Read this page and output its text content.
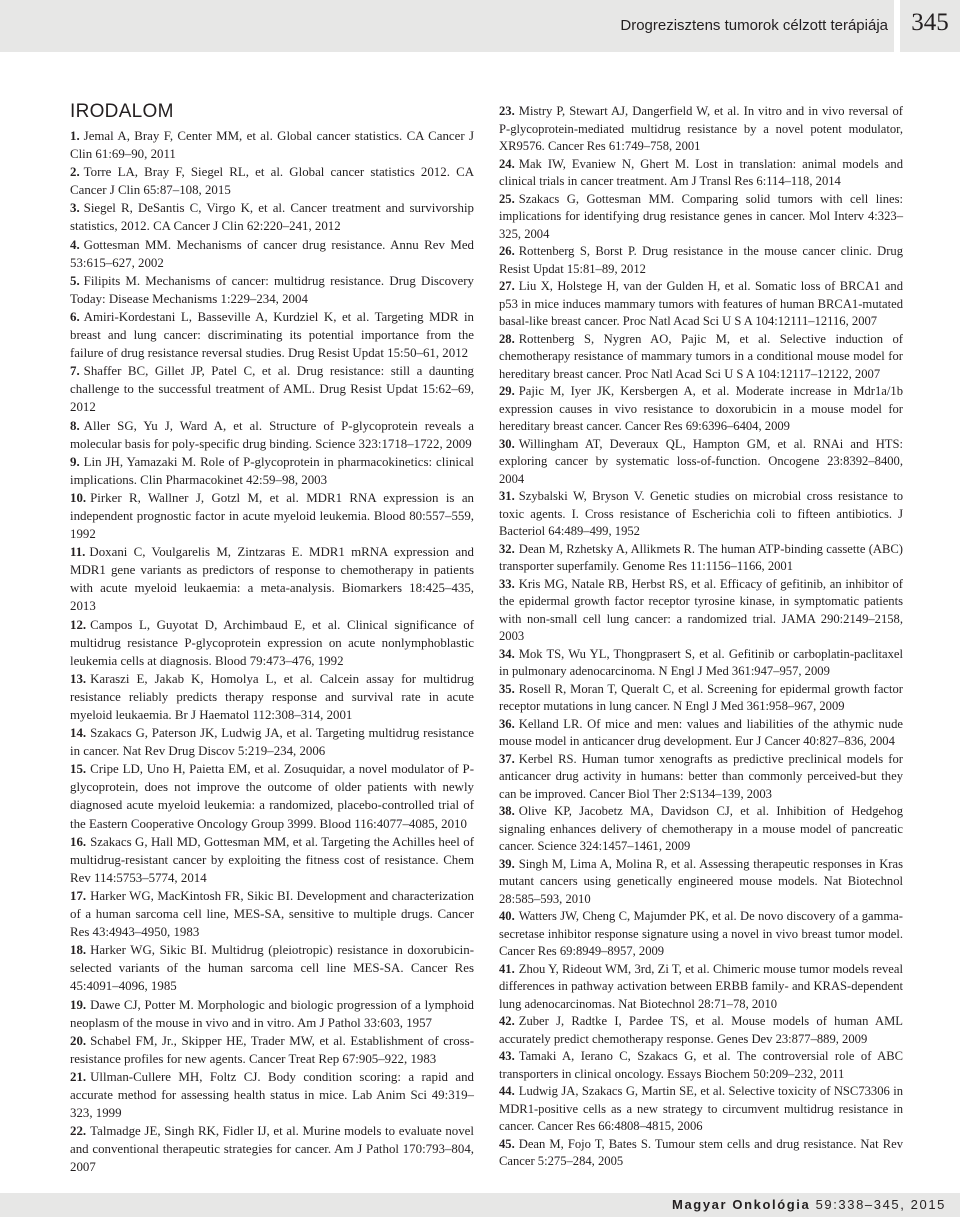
Drogrezisztens tumorok célzott terápiája 345
IRODALOM

1. Jemal A, Bray F, Center MM, et al. Global cancer statistics. CA Cancer J Clin 61:69–90, 2011

2. Torre LA, Bray F, Siegel RL, et al. Global cancer statistics 2012. CA Cancer J Clin 65:87–108, 2015

3. Siegel R, DeSantis C, Virgo K, et al. Cancer treatment and survivorship statistics, 2012. CA Cancer J Clin 62:220–241, 2012

4. Gottesman MM. Mechanisms of cancer drug resistance. Annu Rev Med 53:615–627, 2002

5. Filipits M. Mechanisms of cancer: multidrug resistance. Drug Discovery Today: Disease Mechanisms 1:229–234, 2004

6. Amiri-Kordestani L, Basseville A, Kurdziel K, et al. Targeting MDR in breast and lung cancer: discriminating its potential importance from the failure of drug resistance reversal studies. Drug Resist Updat 15:50–61, 2012

7. Shaffer BC, Gillet JP, Patel C, et al. Drug resistance: still a daunting challenge to the successful treatment of AML. Drug Resist Updat 15:62–69, 2012

8. Aller SG, Yu J, Ward A, et al. Structure of P-glycoprotein reveals a molecular basis for poly-specific drug binding. Science 323:1718–1722, 2009

9. Lin JH, Yamazaki M. Role of P-glycoprotein in pharmacokinetics: clinical implications. Clin Pharmacokinet 42:59–98, 2003

10. Pirker R, Wallner J, Gotzl M, et al. MDR1 RNA expression is an independent prognostic factor in acute myeloid leukemia. Blood 80:557–559, 1992

11. Doxani C, Voulgarelis M, Zintzaras E. MDR1 mRNA expression and MDR1 gene variants as predictors of response to chemotherapy in patients with acute myeloid leukaemia: a meta-analysis. Biomarkers 18:425–435, 2013

12. Campos L, Guyotat D, Archimbaud E, et al. Clinical significance of multidrug resistance P-glycoprotein expression on acute nonlymphoblastic leukemia cells at diagnosis. Blood 79:473–476, 1992

13. Karaszi E, Jakab K, Homolya L, et al. Calcein assay for multidrug resistance reliably predicts therapy response and survival rate in acute myeloid leukaemia. Br J Haematol 112:308–314, 2001

14. Szakacs G, Paterson JK, Ludwig JA, et al. Targeting multidrug resistance in cancer. Nat Rev Drug Discov 5:219–234, 2006

15. Cripe LD, Uno H, Paietta EM, et al. Zosuquidar, a novel modulator of P-glycoprotein, does not improve the outcome of older patients with newly diagnosed acute myeloid leukemia: a randomized, placebo-controlled trial of the Eastern Cooperative Oncology Group 3999. Blood 116:4077–4085, 2010

16. Szakacs G, Hall MD, Gottesman MM, et al. Targeting the Achilles heel of multidrug-resistant cancer by exploiting the fitness cost of resistance. Chem Rev 114:5753–5774, 2014

17. Harker WG, MacKintosh FR, Sikic BI. Development and characterization of a human sarcoma cell line, MES-SA, sensitive to multiple drugs. Cancer Res 43:4943–4950, 1983

18. Harker WG, Sikic BI. Multidrug (pleiotropic) resistance in doxorubicin-selected variants of the human sarcoma cell line MES-SA. Cancer Res 45:4091–4096, 1985

19. Dawe CJ, Potter M. Morphologic and biologic progression of a lymphoid neoplasm of the mouse in vivo and in vitro. Am J Pathol 33:603, 1957

20. Schabel FM, Jr., Skipper HE, Trader MW, et al. Establishment of cross-resistance profiles for new agents. Cancer Treat Rep 67:905–922, 1983

21. Ullman-Cullere MH, Foltz CJ. Body condition scoring: a rapid and accurate method for assessing health status in mice. Lab Anim Sci 49:319–323, 1999

22. Talmadge JE, Singh RK, Fidler IJ, et al. Murine models to evaluate novel and conventional therapeutic strategies for cancer. Am J Pathol 170:793–804, 2007

23. Mistry P, Stewart AJ, Dangerfield W, et al. In vitro and in vivo reversal of P-glycoprotein-mediated multidrug resistance by a novel potent modulator, XR9576. Cancer Res 61:749–758, 2001

24. Mak IW, Evaniew N, Ghert M. Lost in translation: animal models and clinical trials in cancer treatment. Am J Transl Res 6:114–118, 2014

25. Szakacs G, Gottesman MM. Comparing solid tumors with cell lines: implications for identifying drug resistance genes in cancer. Mol Interv 4:323–325, 2004

26. Rottenberg S, Borst P. Drug resistance in the mouse cancer clinic. Drug Resist Updat 15:81–89, 2012

27. Liu X, Holstege H, van der Gulden H, et al. Somatic loss of BRCA1 and p53 in mice induces mammary tumors with features of human BRCA1-mutated basal-like breast cancer. Proc Natl Acad Sci U S A 104:12111–12116, 2007

28. Rottenberg S, Nygren AO, Pajic M, et al. Selective induction of chemotherapy resistance of mammary tumors in a conditional mouse model for hereditary breast cancer. Proc Natl Acad Sci U S A 104:12117–12122, 2007

29. Pajic M, Iyer JK, Kersbergen A, et al. Moderate increase in Mdr1a/1b expression causes in vivo resistance to doxorubicin in a mouse model for hereditary breast cancer. Cancer Res 69:6396–6404, 2009

30. Willingham AT, Deveraux QL, Hampton GM, et al. RNAi and HTS: exploring cancer by systematic loss-of-function. Oncogene 23:8392–8400, 2004

31. Szybalski W, Bryson V. Genetic studies on microbial cross resistance to toxic agents. I. Cross resistance of Escherichia coli to fifteen antibiotics. J Bacteriol 64:489–499, 1952

32. Dean M, Rzhetsky A, Allikmets R. The human ATP-binding cassette (ABC) transporter superfamily. Genome Res 11:1156–1166, 2001

33. Kris MG, Natale RB, Herbst RS, et al. Efficacy of gefitinib, an inhibitor of the epidermal growth factor receptor tyrosine kinase, in symptomatic patients with non-small cell lung cancer: a randomized trial. JAMA 290:2149–2158, 2003

34. Mok TS, Wu YL, Thongprasert S, et al. Gefitinib or carboplatin-paclitaxel in pulmonary adenocarcinoma. N Engl J Med 361:947–957, 2009

35. Rosell R, Moran T, Queralt C, et al. Screening for epidermal growth factor receptor mutations in lung cancer. N Engl J Med 361:958–967, 2009

36. Kelland LR. Of mice and men: values and liabilities of the athymic nude mouse model in anticancer drug development. Eur J Cancer 40:827–836, 2004

37. Kerbel RS. Human tumor xenografts as predictive preclinical models for anticancer drug activity in humans: better than commonly perceived-but they can be improved. Cancer Biol Ther 2:S134–139, 2003

38. Olive KP, Jacobetz MA, Davidson CJ, et al. Inhibition of Hedgehog signaling enhances delivery of chemotherapy in a mouse model of pancreatic cancer. Science 324:1457–1461, 2009

39. Singh M, Lima A, Molina R, et al. Assessing therapeutic responses in Kras mutant cancers using genetically engineered mouse models. Nat Biotechnol 28:585–593, 2010

40. Watters JW, Cheng C, Majumder PK, et al. De novo discovery of a gamma-secretase inhibitor response signature using a novel in vivo breast tumor model. Cancer Res 69:8949–8957, 2009

41. Zhou Y, Rideout WM, 3rd, Zi T, et al. Chimeric mouse tumor models reveal differences in pathway activation between ERBB family- and KRAS-dependent lung adenocarcinomas. Nat Biotechnol 28:71–78, 2010

42. Zuber J, Radtke I, Pardee TS, et al. Mouse models of human AML accurately predict chemotherapy response. Genes Dev 23:877–889, 2009

43. Tamaki A, Ierano C, Szakacs G, et al. The controversial role of ABC transporters in clinical oncology. Essays Biochem 50:209–232, 2011

44. Ludwig JA, Szakacs G, Martin SE, et al. Selective toxicity of NSC73306 in MDR1-positive cells as a new strategy to circumvent multidrug resistance in cancer. Cancer Res 66:4808–4815, 2006

45. Dean M, Fojo T, Bates S. Tumour stem cells and drug resistance. Nat Rev Cancer 5:275–284, 2005

Magyar Onkológia 59:338–345, 2015
